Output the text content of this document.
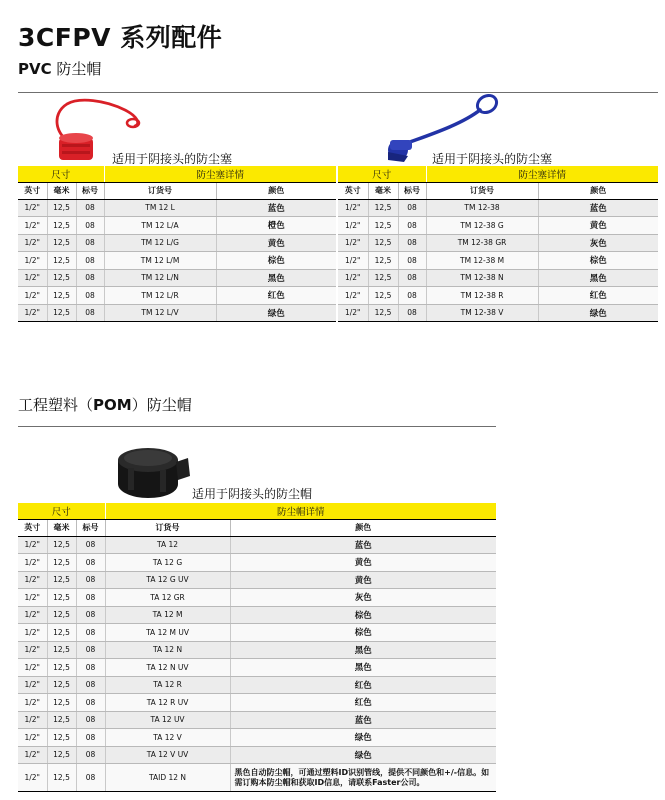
3CFPV 系列配件
PVC 防尘帽
适用于阴接头的防尘塞	适用于阴接头的防尘塞
尺寸			防尘塞详情	
英寸	毫米	标号	订货号	颜色
1/2"	12,5	08	TM 12 L	蓝色
1/2"	12,5	08	TM 12 L/A	橙色
1/2"	12,5	08	TM 12 L/G	黄色
1/2"	12,5	08	TM 12 L/M	棕色
1/2"	12,5	08	TM 12 L/N	黑色
1/2"	12,5	08	TM 12 L/R	红色
1/2"	12,5	08	TM 12 L/V	绿色
尺寸			防尘塞详情	
英寸	毫米	标号	订货号	颜色
1/2"	12,5	08	TM 12-38	蓝色
1/2"	12,5	08	TM 12-38 G	黄色
1/2"	12,5	08	TM 12-38 GR	灰色
1/2"	12,5	08	TM 12-38 M	棕色
1/2"	12,5	08	TM 12-38 N	黑色
1/2"	12,5	08	TM 12-38 R	红色
1/2"	12,5	08	TM 12-38 V	绿色
工程塑料（POM）防尘帽
适用于阴接头的防尘帽
尺寸			防尘帽详情	
英寸	毫米	标号	订货号	颜色
1/2"	12,5	08	TA 12	蓝色
1/2"	12,5	08	TA 12 G	黄色
1/2"	12,5	08	TA 12 G UV	黄色
1/2"	12,5	08	TA 12 GR	灰色
1/2"	12,5	08	TA 12 M	棕色
1/2"	12,5	08	TA 12 M UV	棕色
1/2"	12,5	08	TA 12 N	黑色
1/2"	12,5	08	TA 12 N UV	黑色
1/2"	12,5	08	TA 12 R	红色
1/2"	12,5	08	TA 12 R UV	红色
1/2"	12,5	08	TA 12 UV	蓝色
1/2"	12,5	08	TA 12 V	绿色
1/2"	12,5	08	TA 12 V UV	绿色
1/2"	12,5	08	TAID 12 N	黑色自动防尘帽，可通过塑料ID识别管线，提供不同颜色和+/-信息。如需订购本防尘帽和获取ID信息，请联系Faster公司。
